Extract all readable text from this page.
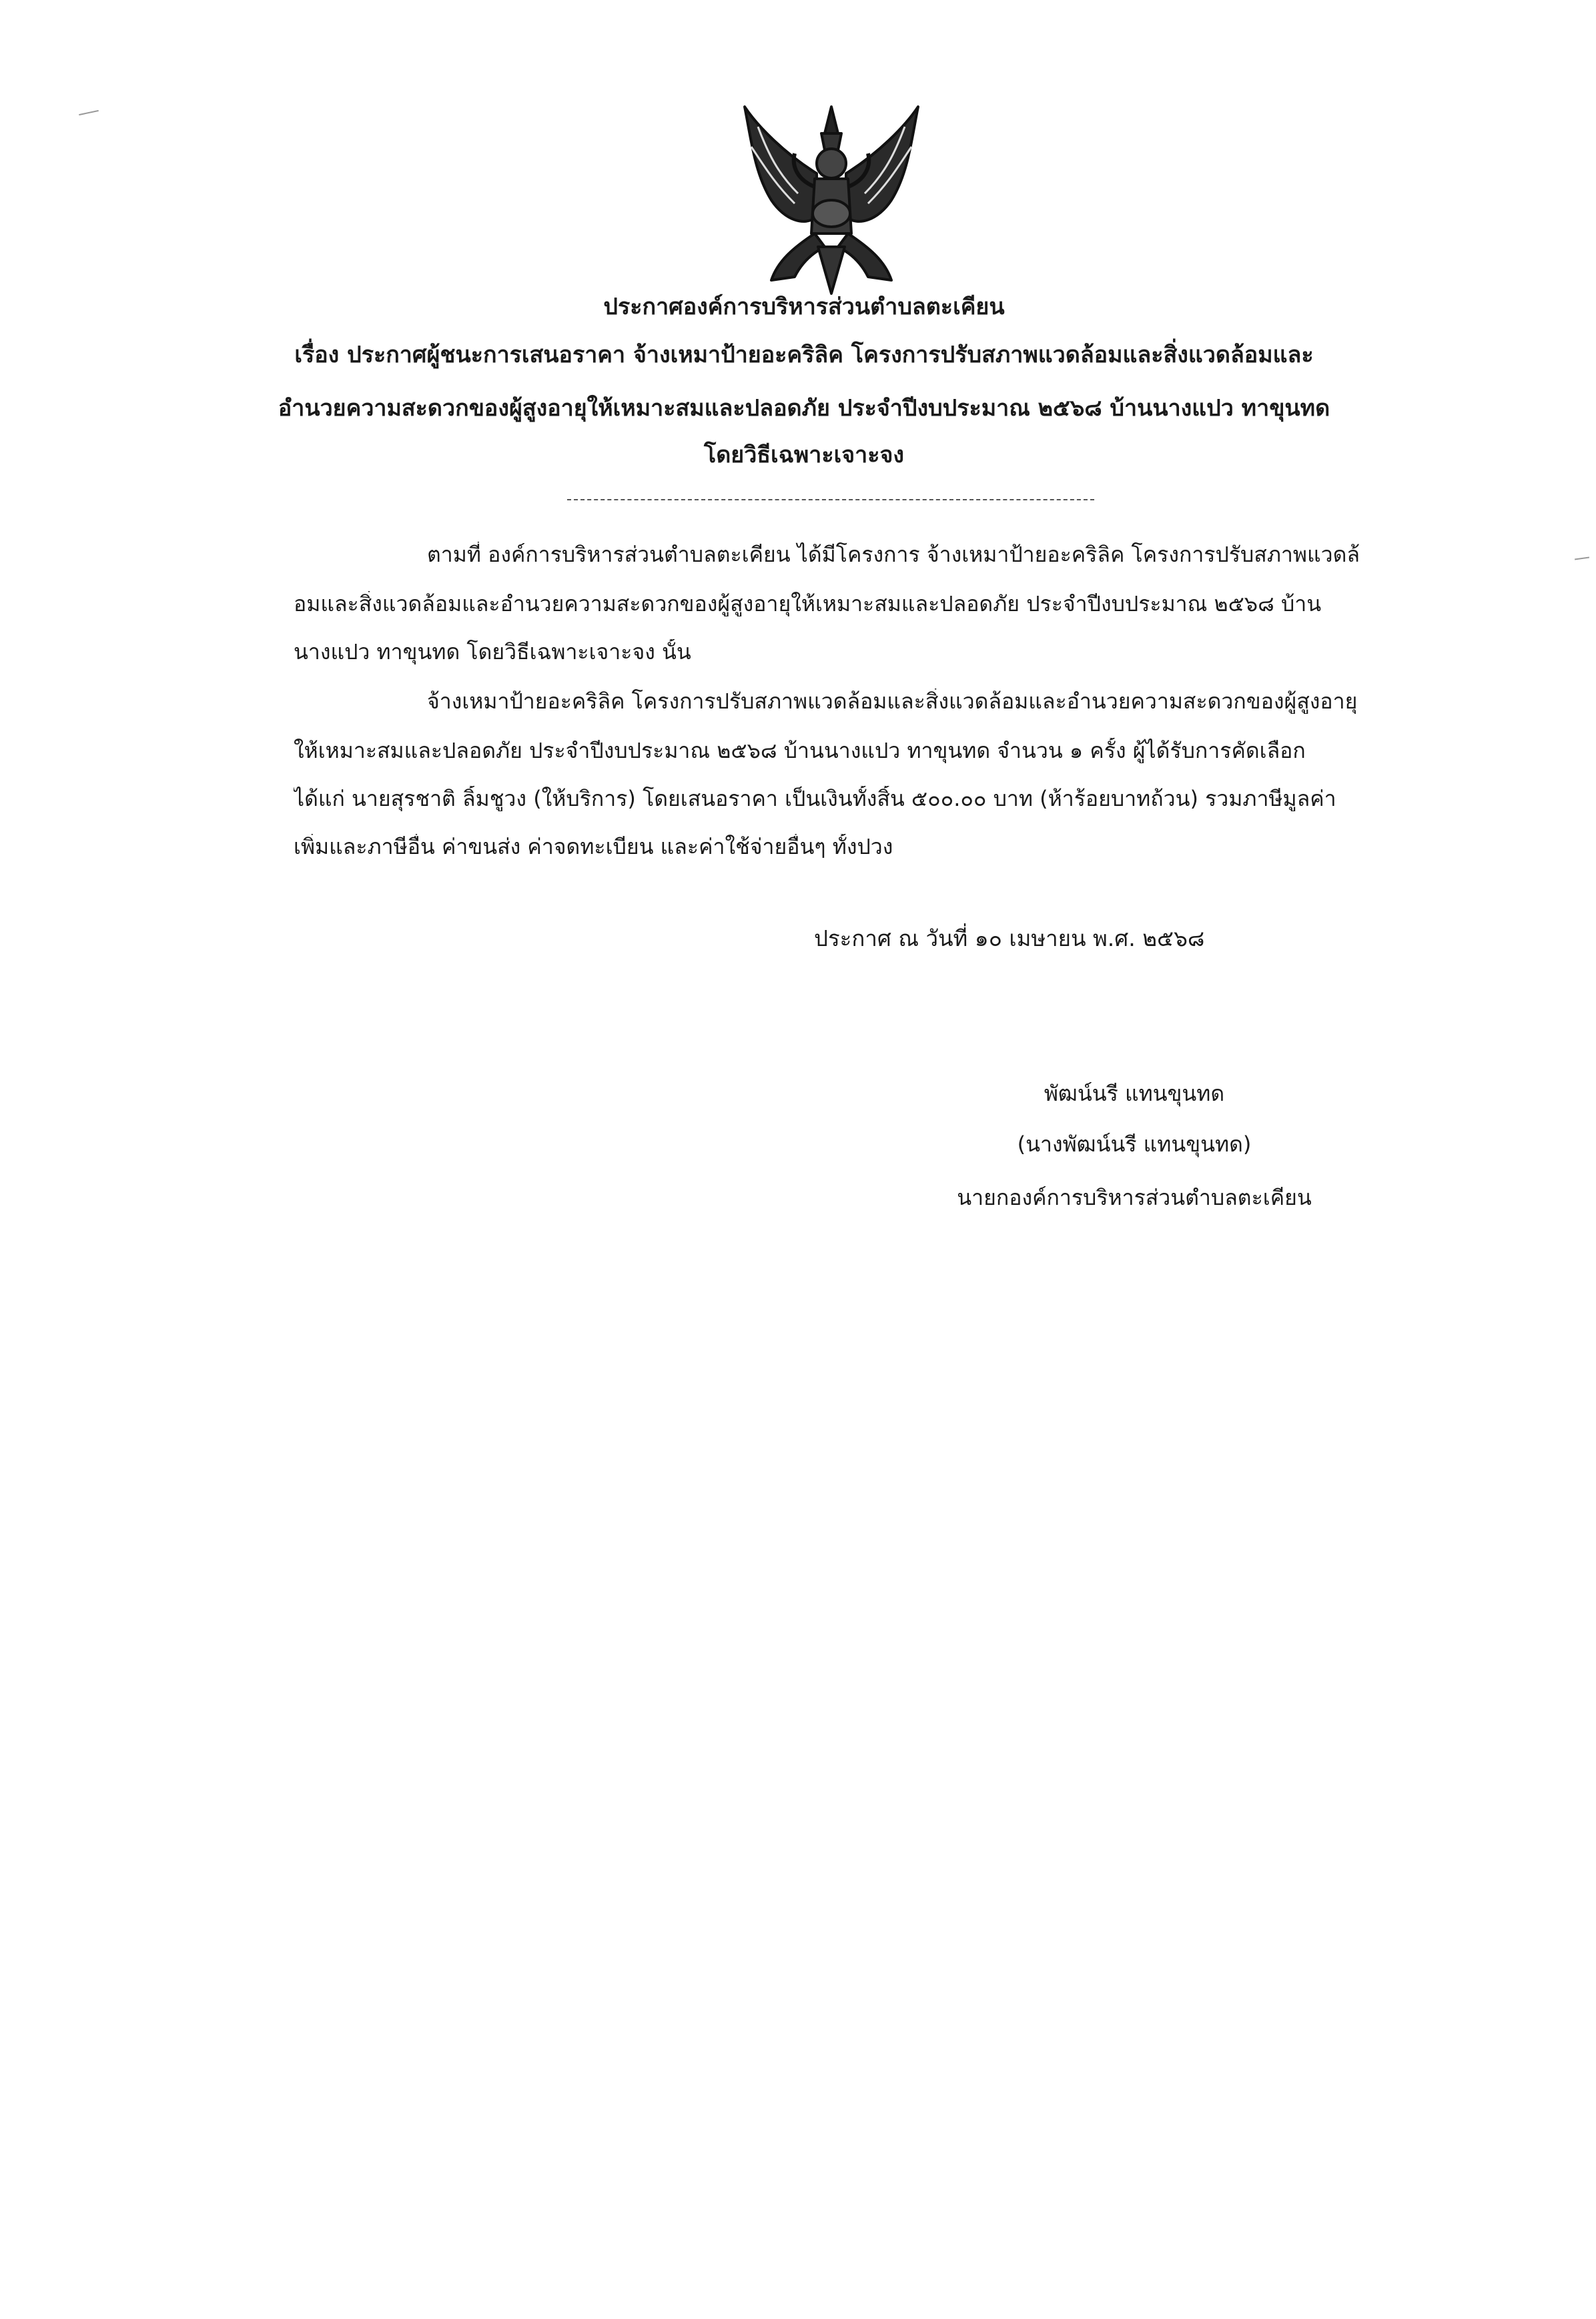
ประกาศองค์การบริหารส่วนตำบลตะเคียน
เรื่อง ประกาศผู้ชนะการเสนอราคา จ้างเหมาป้ายอะคริลิค โครงการปรับสภาพแวดล้อมและสิ่งแวดล้อมและ
อำนวยความสะดวกของผู้สูงอายุให้เหมาะสมและปลอดภัย ประจำปีงบประมาณ ๒๕๖๘ บ้านนางแปว ทาขุนทด
โดยวิธีเฉพาะเจาะจง
ตามที่ องค์การบริหารส่วนตำบลตะเคียน ได้มีโครงการ จ้างเหมาป้ายอะคริลิค โครงการปรับสภาพแวดล้
อมและสิ่งแวดล้อมและอำนวยความสะดวกของผู้สูงอายุให้เหมาะสมและปลอดภัย ประจำปีงบประมาณ ๒๕๖๘ บ้าน
นางแปว ทาขุนทด โดยวิธีเฉพาะเจาะจง นั้น
จ้างเหมาป้ายอะคริลิค โครงการปรับสภาพแวดล้อมและสิ่งแวดล้อมและอำนวยความสะดวกของผู้สูงอายุ
ให้เหมาะสมและปลอดภัย ประจำปีงบประมาณ ๒๕๖๘ บ้านนางแปว ทาขุนทด จำนวน ๑ ครั้ง ผู้ได้รับการคัดเลือก
ได้แก่ นายสุรชาติ ลิ้มชูวง (ให้บริการ) โดยเสนอราคา เป็นเงินทั้งสิ้น ๕๐๐.๐๐ บาท (ห้าร้อยบาทถ้วน) รวมภาษีมูลค่า
เพิ่มและภาษีอื่น ค่าขนส่ง ค่าจดทะเบียน และค่าใช้จ่ายอื่นๆ ทั้งปวง
ประกาศ ณ วันที่ ๑๐ เมษายน พ.ศ. ๒๕๖๘
พัฒน์นรี แทนขุนทด
(นางพัฒน์นรี แทนขุนทด)
นายกองค์การบริหารส่วนตำบลตะเคียน
